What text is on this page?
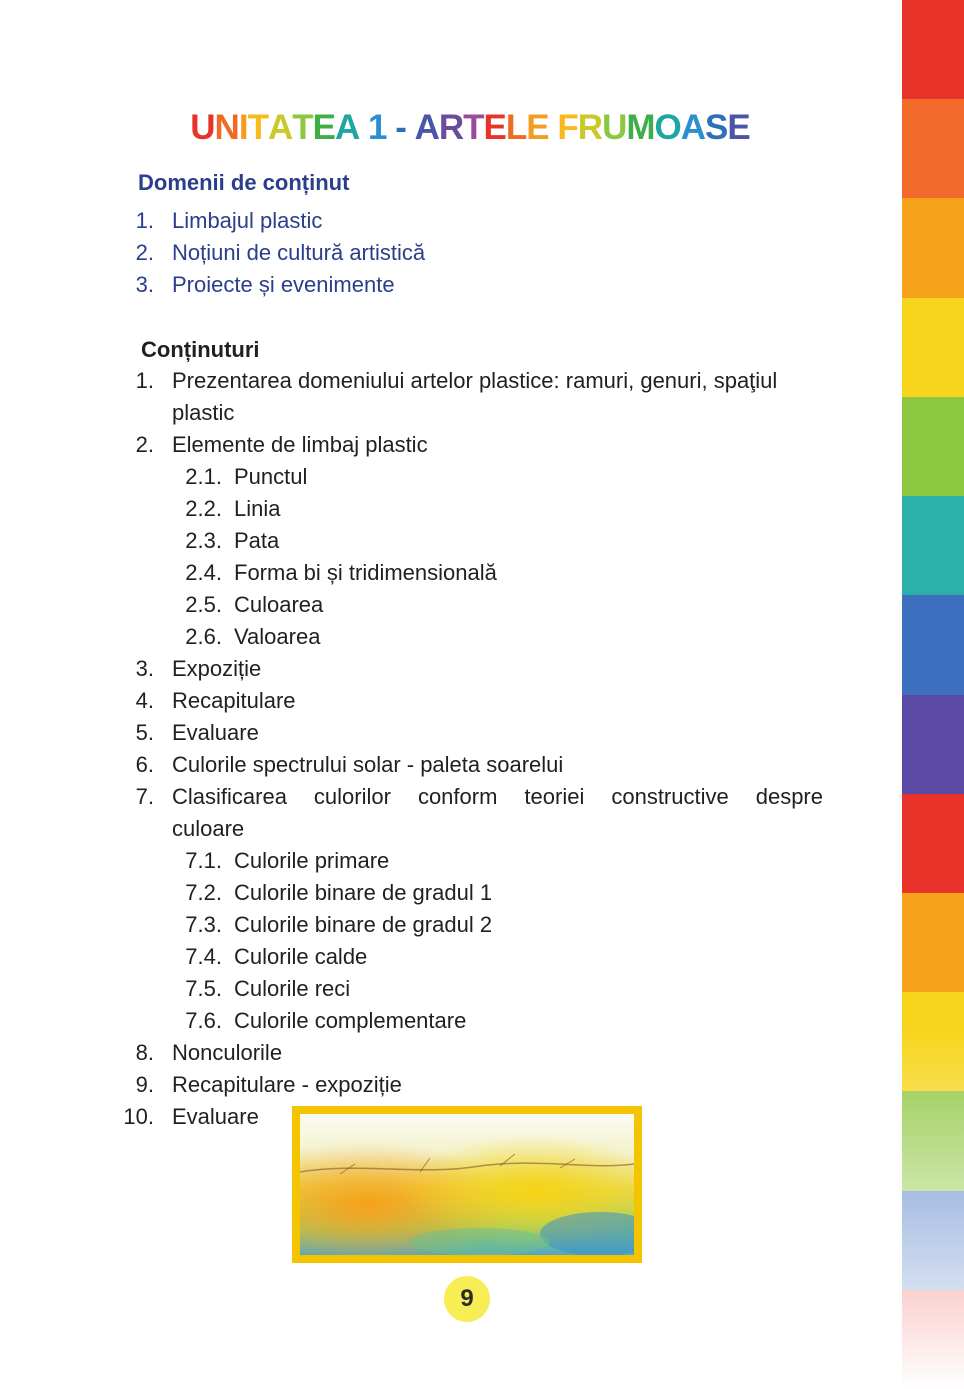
UNITATEA 1 - ARTELE FRUMOASE
Domenii de conținut
1. Limbajul plastic
2. Noțiuni de cultură artistică
3. Proiecte și evenimente
Conținuturi
1. Prezentarea domeniului artelor plastice: ramuri, genuri, spaţiul
plastic
2. Elemente de limbaj plastic
2.1. Punctul
2.2. Linia
2.3. Pata
2.4. Forma bi și tridimensională
2.5. Culoarea
2.6. Valoarea
3. Expoziție
4. Recapitulare
5. Evaluare
6. Culorile spectrului solar - paleta soarelui
7. Clasificarea culorilor conform teoriei constructive despre
culoare
7.1. Culorile primare
7.2. Culorile binare de gradul 1
7.3. Culorile binare de gradul 2
7.4. Culorile calde
7.5. Culorile reci
7.6. Culorile complementare
8. Nonculorile
9. Recapitulare - expoziție
10. Evaluare
9
